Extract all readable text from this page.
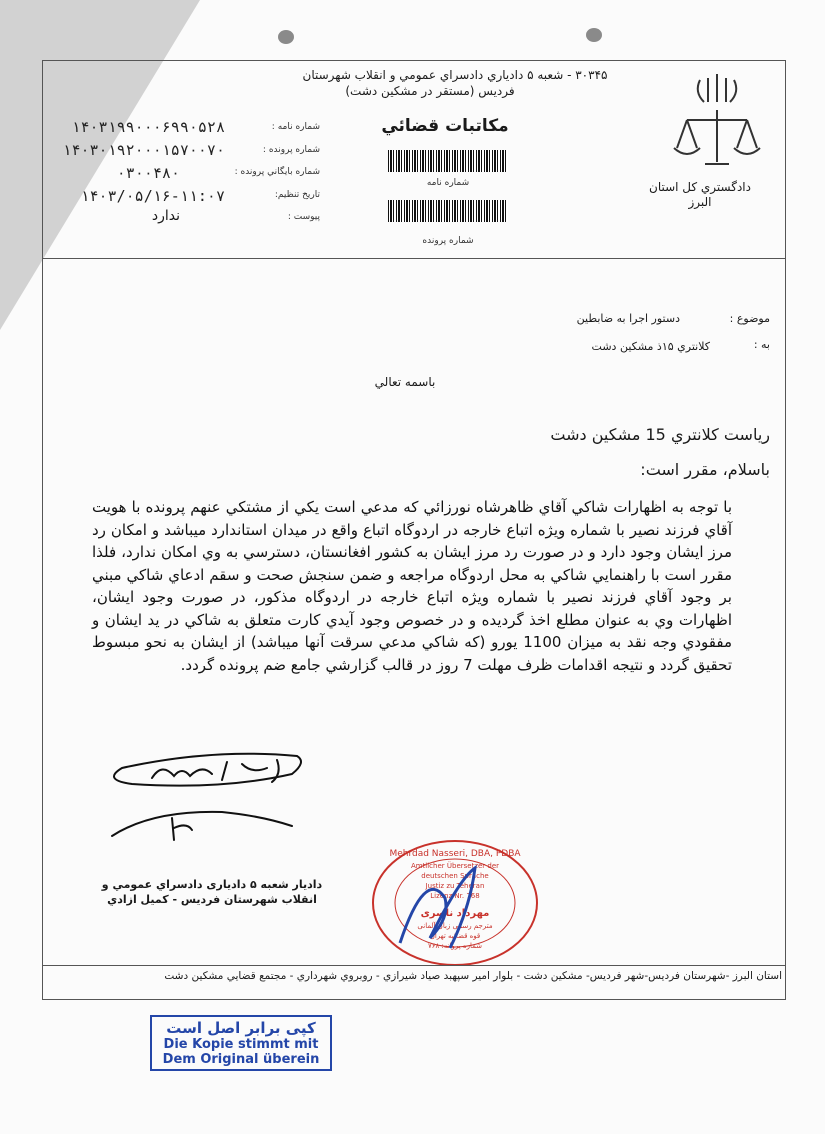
۳۰۳۴۵ - شعبه ۵ دادياري دادسراي عمومي و انقلاب شهرستان
فرديس (مستقر در مشكين دشت)
دادگستري كل استان
البرز
مكاتبات قضائي
شماره نامه
شماره پرونده
شماره نامه :
۱۴۰۳۱۹۹۰۰۰۶۹۹۰۵۲۸
شماره پرونده :
۱۴۰۳۰۱۹۲۰۰۰۱۵۷۰۰۷۰
شماره بايگاني پرونده :
۰۳۰۰۴۸۰
تاريخ تنظيم:
۱۴۰۳/۰۵/۱۶-۱۱:۰۷
پيوست :
ندارد
موضوع :
دستور اجرا به ضابطين
به :
كلانتري ۱۵ذ مشكين دشت
باسمه تعالي
رياست كلانتري 15 مشكين دشت
باسلام، مقرر است:
با توجه به اظهارات شاكي آقاي ظاهرشاه نورزائي كه مدعي است يكي از مشتكي عنهم پرونده با هويت آقاي فرزند نصير با شماره ويژه اتباع خارجه در اردوگاه اتباع واقع در ميدان استاندارد ميباشد و امكان رد مرز ايشان وجود دارد و در صورت رد مرز ايشان به كشور افغانستان، دسترسي به وي امكان ندارد، فلذا مقرر است با راهنمايي شاكي به محل اردوگاه مراجعه و ضمن سنجش صحت و سقم ادعاي شاكي مبني بر وجود آقاي فرزند نصير با شماره ويژه اتباع خارجه در اردوگاه مذكور، در صورت وجود ايشان، اظهارات وي به عنوان مطلع اخذ گرديده و در خصوص وجود آيدي كارت متعلق به شاكي در يد ايشان و مفقودي وجه نقد به ميزان 1100 يورو (كه شاكي مدعي سرقت آنها ميباشد) از ايشان به نحو مبسوط تحقيق گردد و نتيجه اقدامات ظرف مهلت 7 روز در قالب گزارشي جامع ضم پرونده گردد.
دادیار شعبه ۵ داديارى دادسراي عمومي و
انقلاب شهرستان فرديس - كميل ازادي
Mehrdad Nasseri, DBA, PDBA
Amtlicher Übersetzer der
deutschen Sprache
Justiz zu Teheran
Lizenz Nr. 768
مهرداد ناصری
مترجم رسمی زبان آلمانی
قوه قضائیه تهران
شماره پروانه: ۷۶۸
استان البرز -شهرستان فرديس-شهر فرديس- مشكين دشت - بلوار امير سپهبد صياد شيرازي - روبروي شهرداري - مجتمع قضايي مشكين دشت
کپی برابر اصل است
Die Kopie stimmt mit
Dem Original überein
